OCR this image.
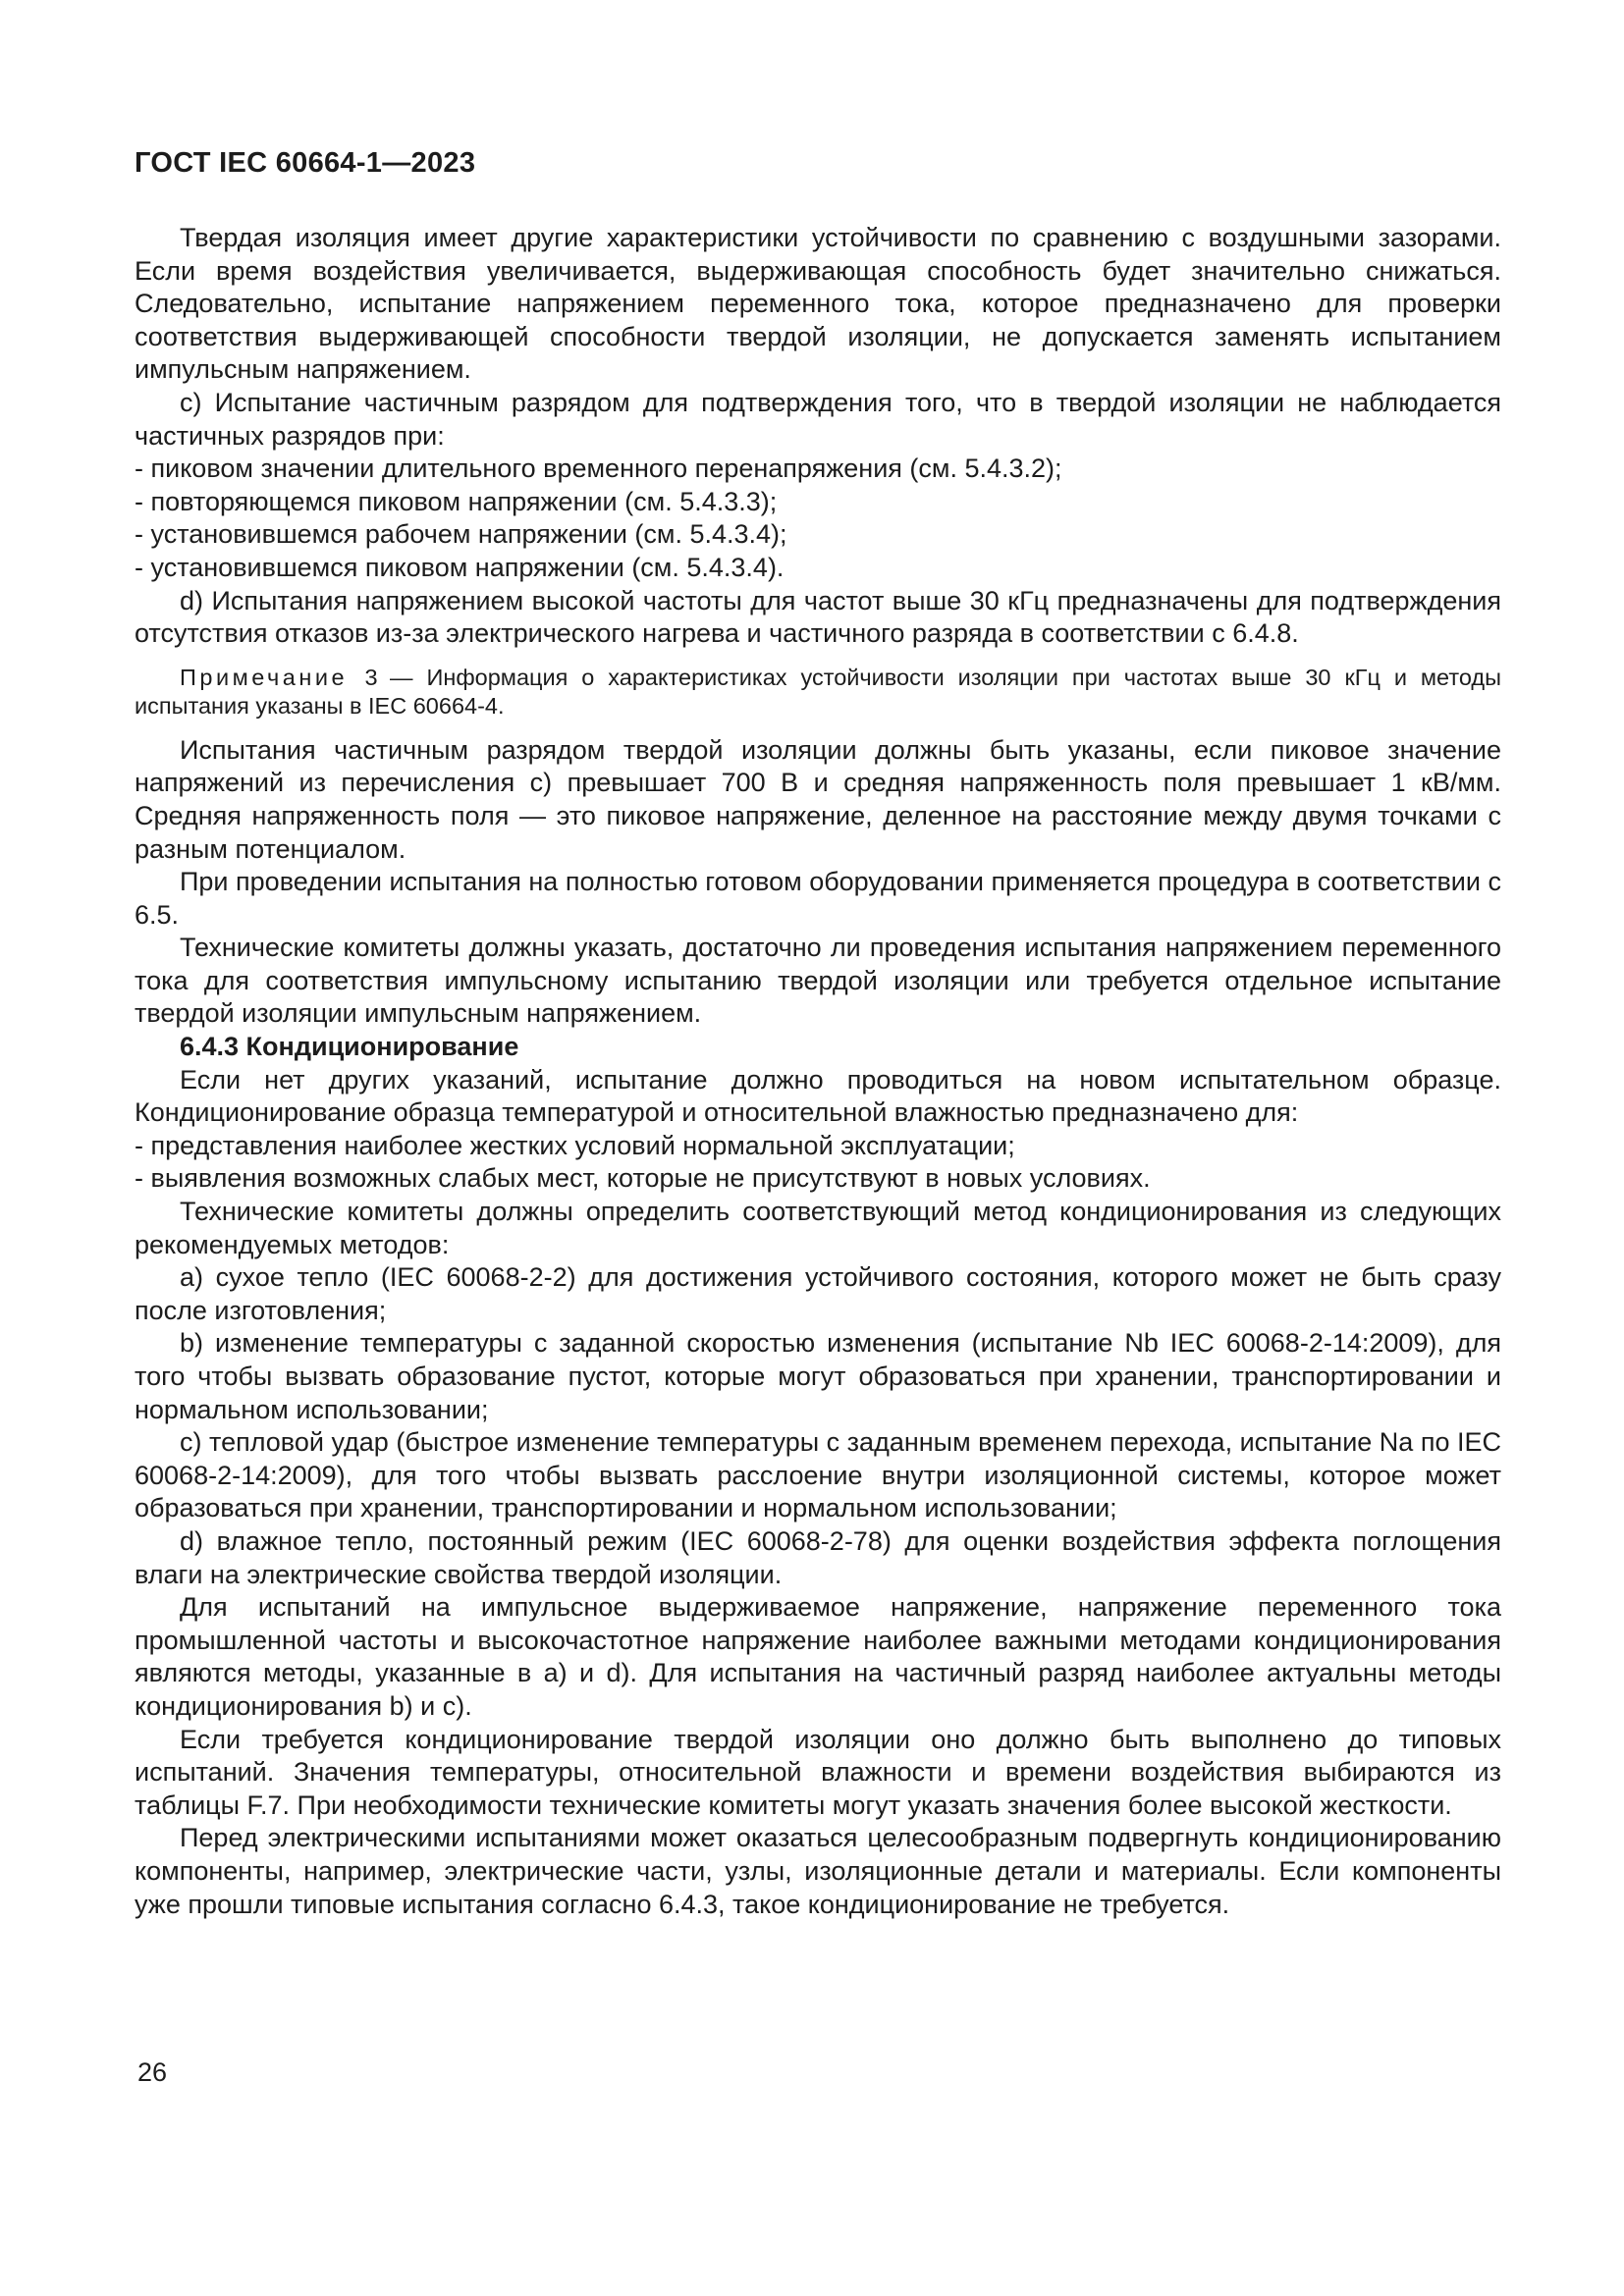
ГОСТ IEC 60664-1—2023

Твердая изоляция имеет другие характеристики устойчивости по сравнению с воздушными зазорами. Если время воздействия увеличивается, выдерживающая способность будет значительно снижаться. Следовательно, испытание напряжением переменного тока, которое предназначено для проверки соответствия выдерживающей способности твердой изоляции, не допускается заменять испытанием импульсным напряжением.

c) Испытание частичным разрядом для подтверждения того, что в твердой изоляции не наблюдается частичных разрядов при:

- пиковом значении длительного временного перенапряжения (см. 5.4.3.2);

- повторяющемся пиковом напряжении (см. 5.4.3.3);

- установившемся рабочем напряжении (см. 5.4.3.4);

- установившемся пиковом напряжении (см. 5.4.3.4).

d) Испытания напряжением высокой частоты для частот выше 30 кГц предназначены для подтверждения отсутствия отказов из-за электрического нагрева и частичного разряда в соответствии с 6.4.8.

Примечание 3 — Информация о характеристиках устойчивости изоляции при частотах выше 30 кГц и методы испытания указаны в IEC 60664-4.

Испытания частичным разрядом твердой изоляции должны быть указаны, если пиковое значение напряжений из перечисления c) превышает 700 В и средняя напряженность поля превышает 1 кВ/мм. Средняя напряженность поля — это пиковое напряжение, деленное на расстояние между двумя точками с разным потенциалом.

При проведении испытания на полностью готовом оборудовании применяется процедура в соответствии с 6.5.

Технические комитеты должны указать, достаточно ли проведения испытания напряжением переменного тока для соответствия импульсному испытанию твердой изоляции или требуется отдельное испытание твердой изоляции импульсным напряжением.

6.4.3 Кондиционирование

Если нет других указаний, испытание должно проводиться на новом испытательном образце. Кондиционирование образца температурой и относительной влажностью предназначено для:

- представления наиболее жестких условий нормальной эксплуатации;

- выявления возможных слабых мест, которые не присутствуют в новых условиях.

Технические комитеты должны определить соответствующий метод кондиционирования из следующих рекомендуемых методов:

a) сухое тепло (IEC 60068-2-2) для достижения устойчивого состояния, которого может не быть сразу после изготовления;

b) изменение температуры с заданной скоростью изменения (испытание Nb IEC 60068-2-14:2009), для того чтобы вызвать образование пустот, которые могут образоваться при хранении, транспортировании и нормальном использовании;

c) тепловой удар (быстрое изменение температуры с заданным временем перехода, испытание Na по IEC 60068-2-14:2009), для того чтобы вызвать расслоение внутри изоляционной системы, которое может образоваться при хранении, транспортировании и нормальном использовании;

d) влажное тепло, постоянный режим (IEC 60068-2-78) для оценки воздействия эффекта поглощения влаги на электрические свойства твердой изоляции.

Для испытаний на импульсное выдерживаемое напряжение, напряжение переменного тока промышленной частоты и высокочастотное напряжение наиболее важными методами кондиционирования являются методы, указанные в a) и d). Для испытания на частичный разряд наиболее актуальны методы кондиционирования b) и c).

Если требуется кондиционирование твердой изоляции оно должно быть выполнено до типовых испытаний. Значения температуры, относительной влажности и времени воздействия выбираются из таблицы F.7. При необходимости технические комитеты могут указать значения более высокой жесткости.

Перед электрическими испытаниями может оказаться целесообразным подвергнуть кондиционированию компоненты, например, электрические части, узлы, изоляционные детали и материалы. Если компоненты уже прошли типовые испытания согласно 6.4.3, такое кондиционирование не требуется.

26
